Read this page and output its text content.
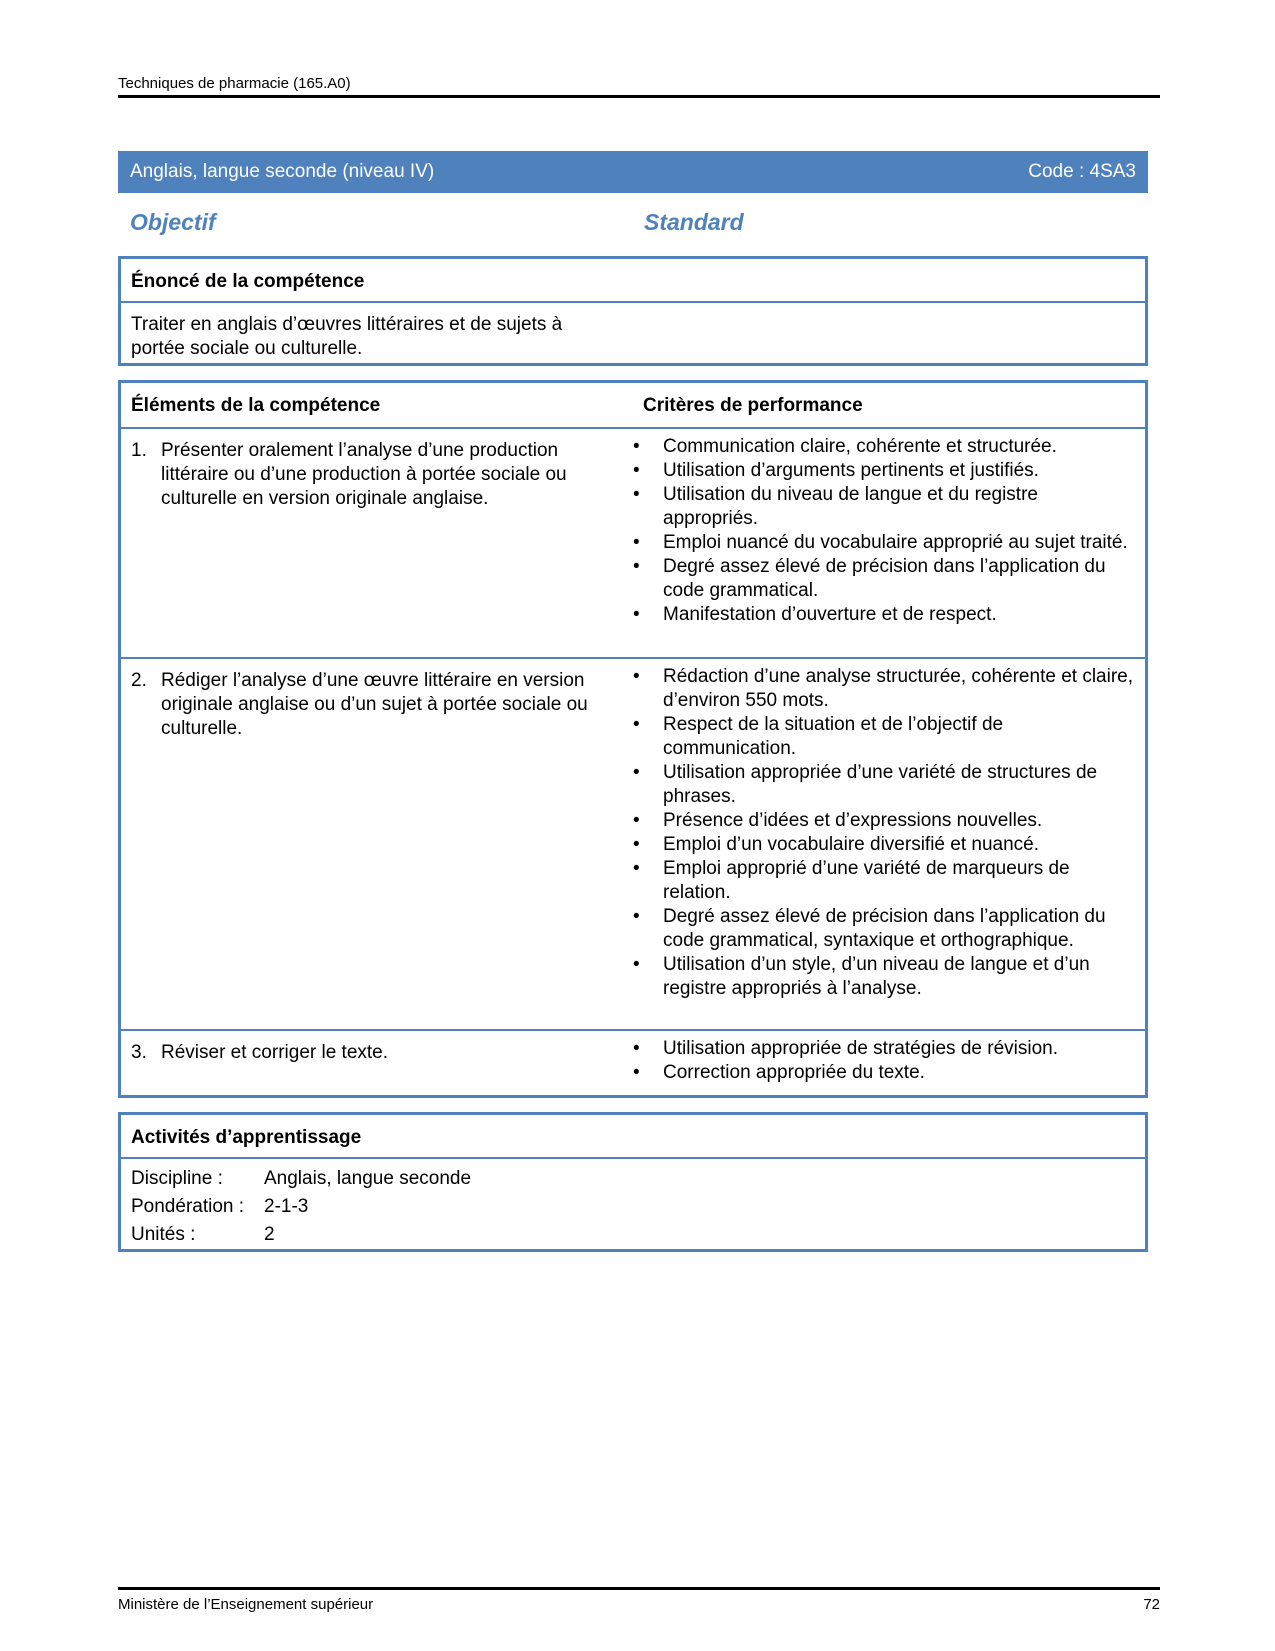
Techniques de pharmacie (165.A0)
Anglais, langue seconde (niveau IV)	Code : 4SA3
Objectif	Standard
Énoncé de la compétence
Traiter en anglais d’œuvres littéraires et de sujets à portée sociale ou culturelle.
Éléments de la compétence	Critères de performance
1. Présenter oralement l’analyse d’une production littéraire ou d’une production à portée sociale ou culturelle en version originale anglaise.
•	Communication claire, cohérente et structurée.
•	Utilisation d’arguments pertinents et justifiés.
•	Utilisation du niveau de langue et du registre appropriés.
•	Emploi nuancé du vocabulaire approprié au sujet traité.
•	Degré assez élevé de précision dans l’application du code grammatical.
•	Manifestation d’ouverture et de respect.
2. Rédiger l’analyse d’une œuvre littéraire en version originale anglaise ou d’un sujet à portée sociale ou culturelle.
•	Rédaction d’une analyse structurée, cohérente et claire, d’environ 550 mots.
•	Respect de la situation et de l’objectif de communication.
•	Utilisation appropriée d’une variété de structures de phrases.
•	Présence d’idées et d’expressions nouvelles.
•	Emploi d’un vocabulaire diversifié et nuancé.
•	Emploi approprié d’une variété de marqueurs de relation.
•	Degré assez élevé de précision dans l’application du code grammatical, syntaxique et orthographique.
•	Utilisation d’un style, d’un niveau de langue et d’un registre appropriés à l’analyse.
3. Réviser et corriger le texte.	•	Utilisation appropriée de stratégies de révision.
•	Correction appropriée du texte.
Activités d’apprentissage
Discipline :	Anglais, langue seconde
Pondération :	2-1-3
Unités :	2
Ministère de l’Enseignement supérieur	72
